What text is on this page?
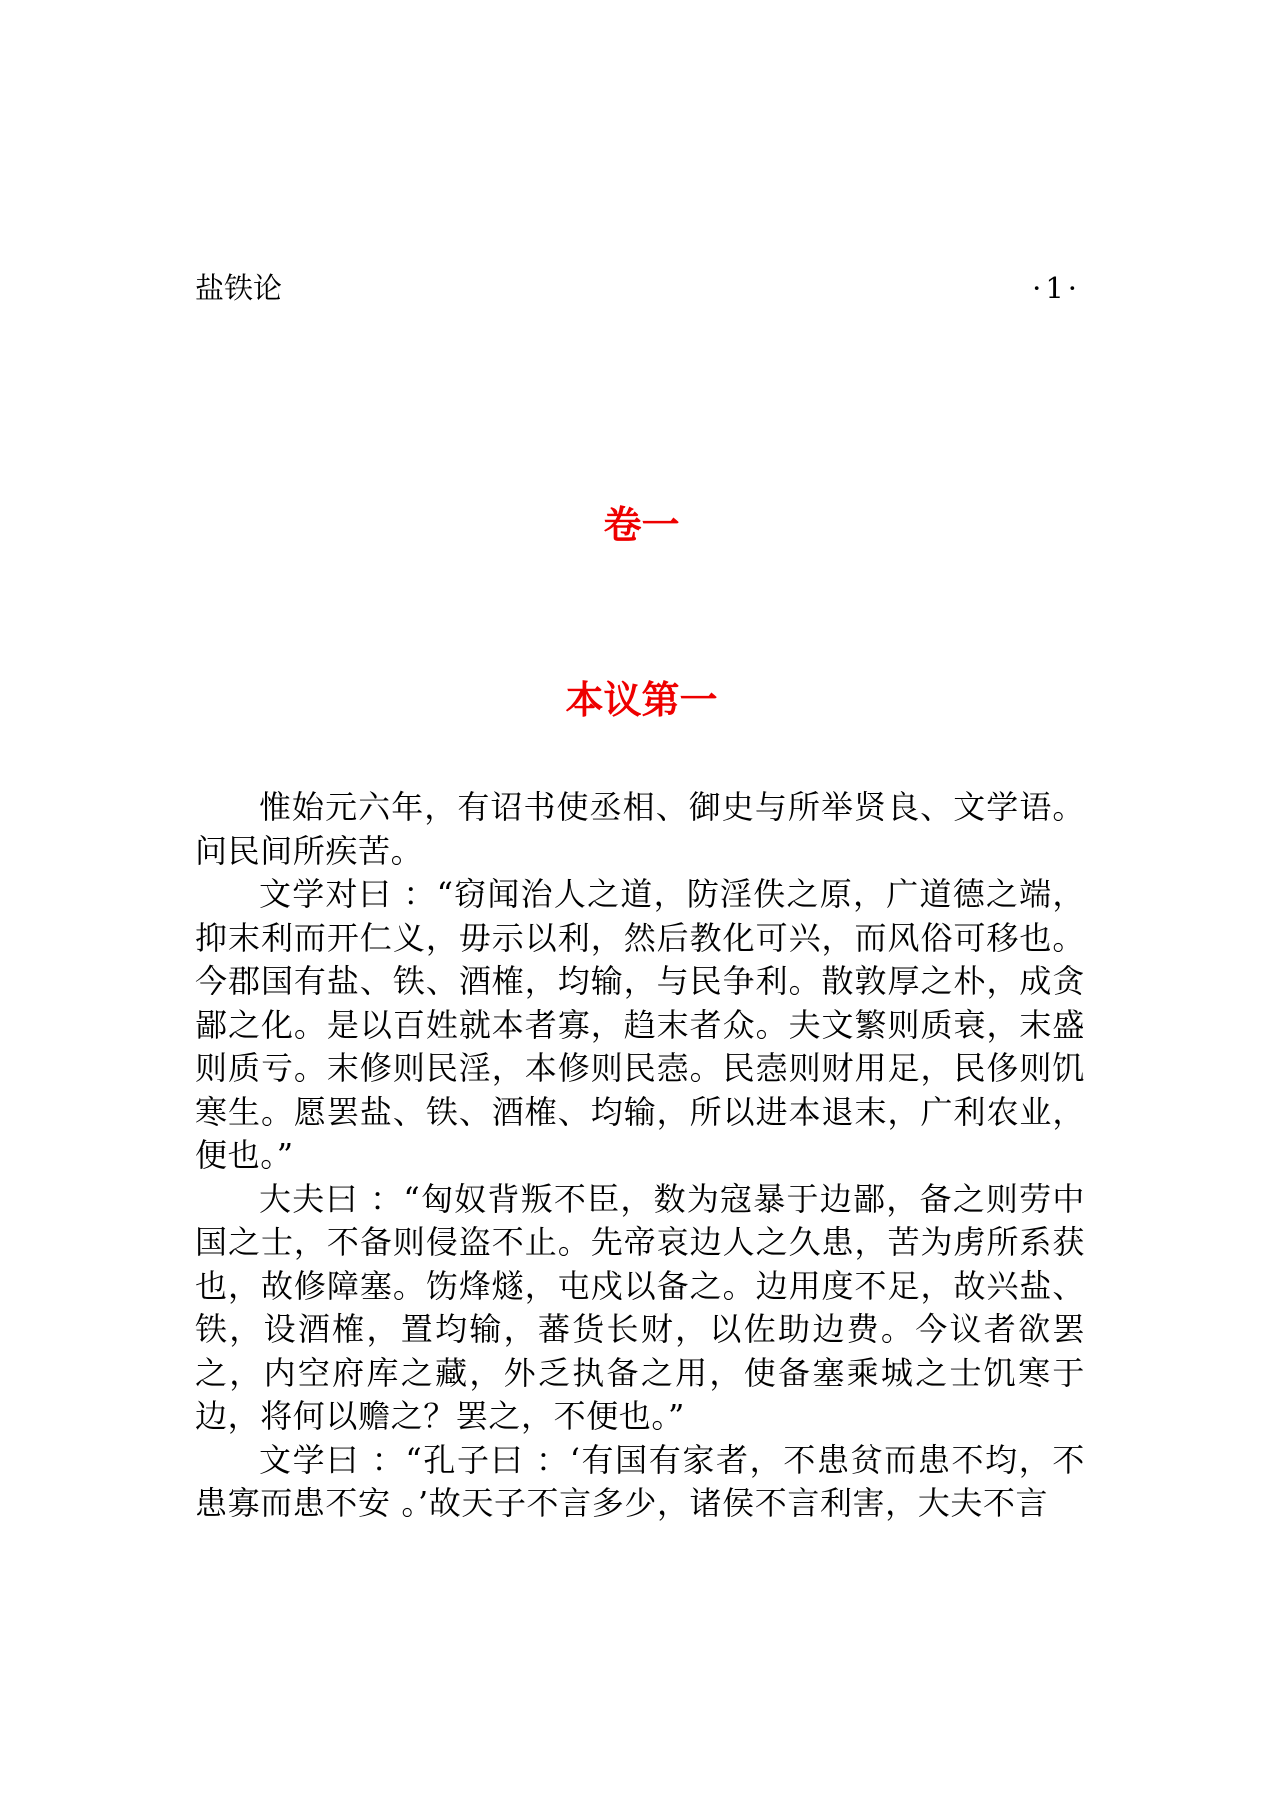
盐铁论	·1·
卷一
本议第一

惟始元六年，有诏书使丞相、御史与所举贤良、文学语。问民间所疾苦。

文学对曰 ：“窃闻治人之道，防淫佚之原，广道德之端，抑末利而开仁义，毋示以利，然后教化可兴，而风俗可移也。今郡国有盐、铁、酒榷，均输，与民争利。散敦厚之朴，成贪鄙之化。是以百姓就本者寡，趋末者众。夫文繁则质衰，末盛则质亏。末修则民淫，本修则民悫。民悫则财用足，民侈则饥寒生。愿罢盐、铁、酒榷、均输，所以进本退末，广利农业，便也。”

大夫曰 ：“匈奴背叛不臣，数为寇暴于边鄙，备之则劳中国之士，不备则侵盗不止。先帝哀边人之久患，苦为虏所系获也，故修障塞。饬烽燧，屯戍以备之。边用度不足，故兴盐、铁，设酒榷，置均输，蕃货长财，以佐助边费。今议者欲罢之，内空府库之藏，外乏执备之用，使备塞乘城之士饥寒于边，将何以赡之？罢之，不便也。”

文学曰 ：“孔子曰 ：‘有国有家者，不患贫而患不均，不患寡而患不安 。’故天子不言多少，诸侯不言利害，大夫不言
